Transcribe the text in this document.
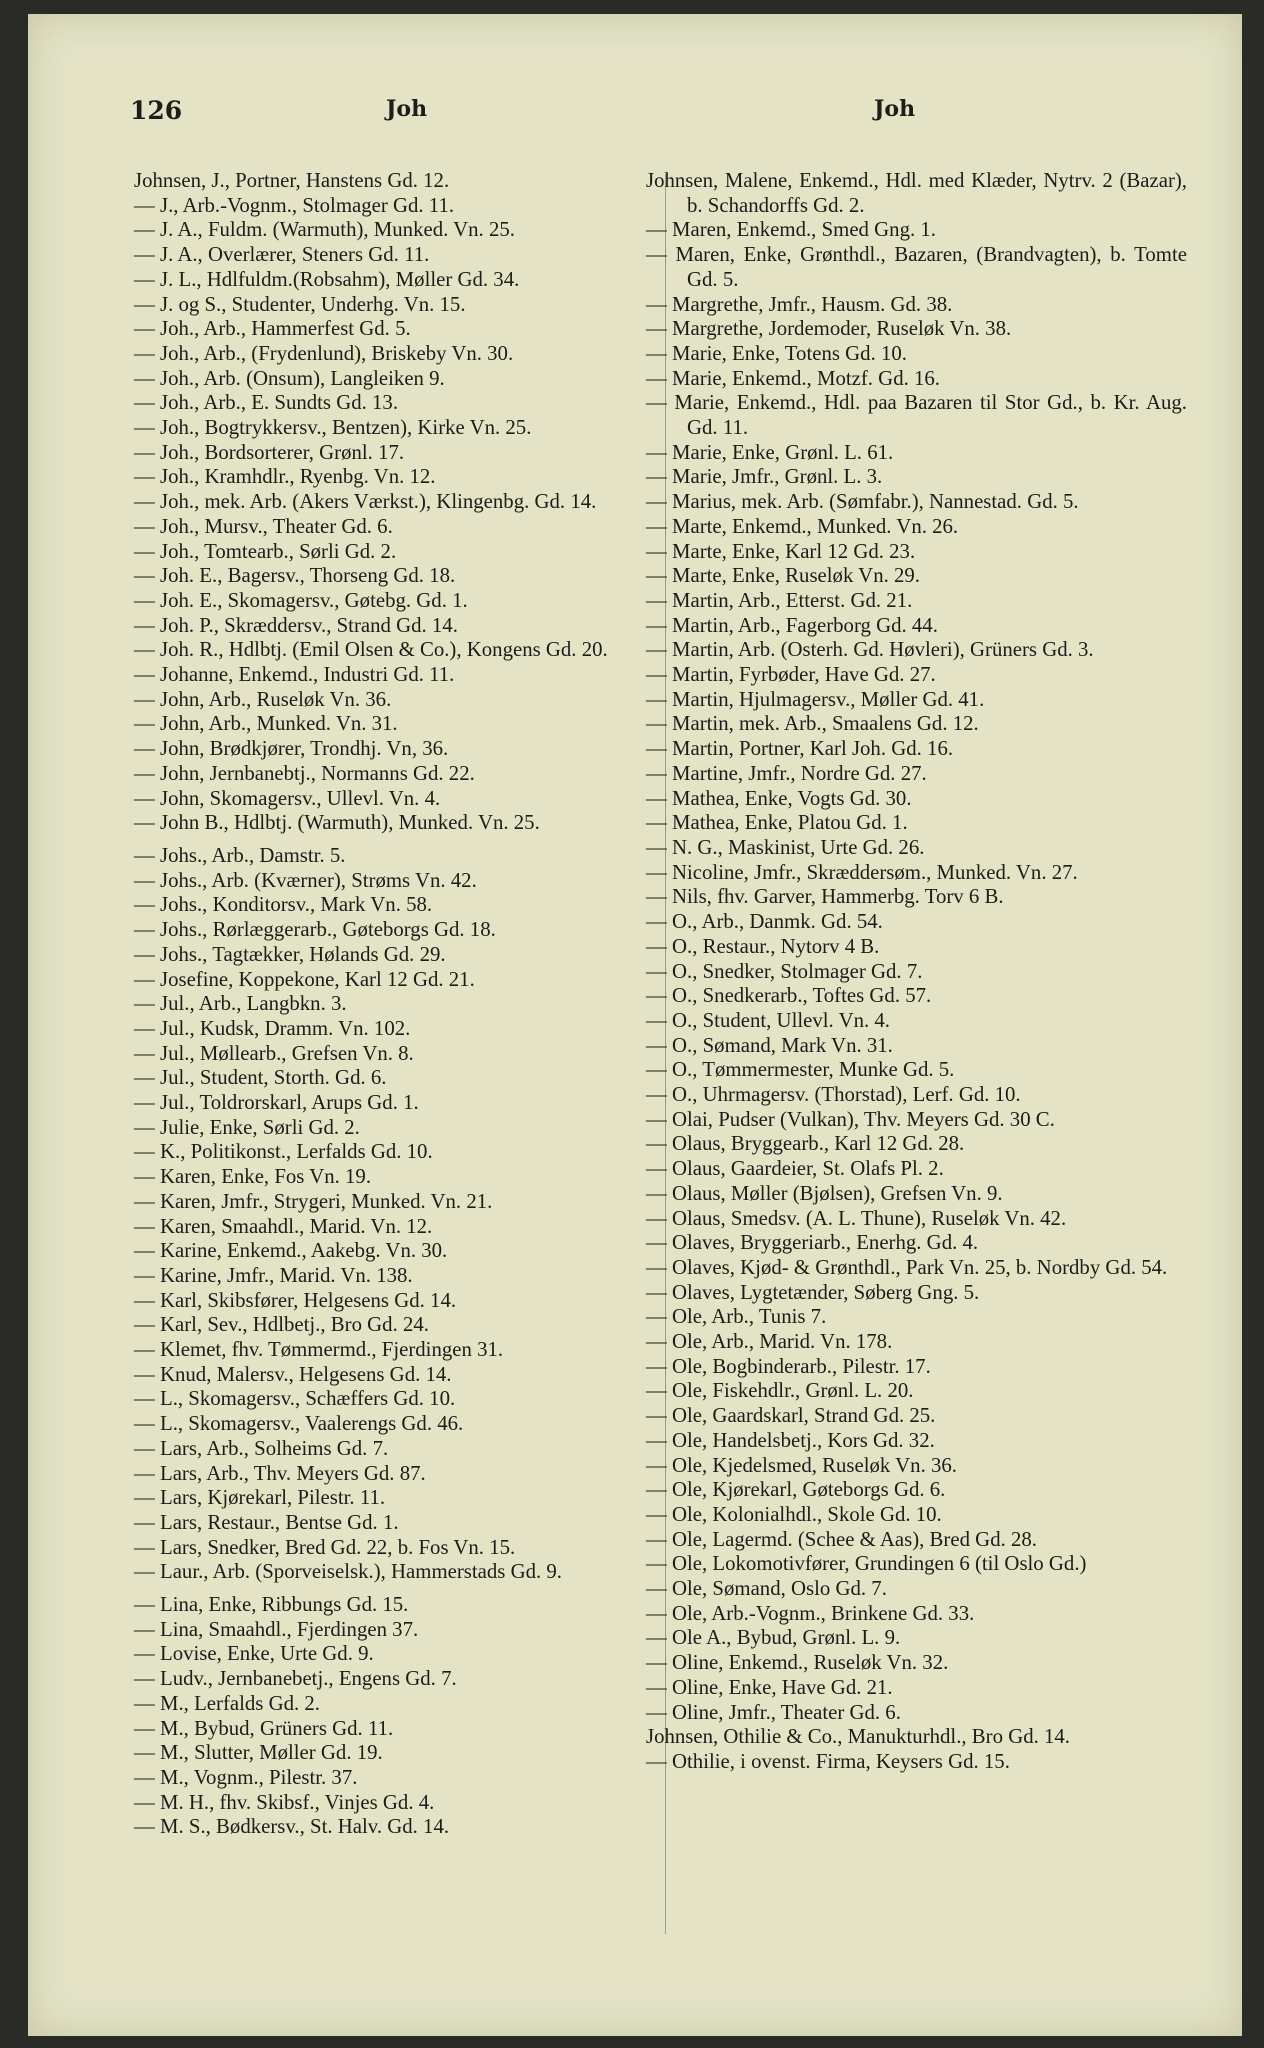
126	Joh	Joh
Johnsen, J., Portner, Hanstens Gd. 12.
— J., Arb.-Vognm., Stolmager Gd. 11.
— J. A., Fuldm. (Warmuth), Munked. Vn. 25.
— J. A., Overlærer, Steners Gd. 11.
— J. L., Hdlfuldm.(Robsahm), Møller Gd. 34.
— J. og S., Studenter, Underhg. Vn. 15.
— Joh., Arb., Hammerfest Gd. 5.
— Joh., Arb., (Frydenlund), Briskeby Vn. 30.
— Joh., Arb. (Onsum), Langleiken 9.
— Joh., Arb., E. Sundts Gd. 13.
— Joh., Bogtrykkersv., Bentzen), Kirke Vn. 25.
— Joh., Bordsorterer, Grønl. 17.
— Joh., Kramhdlr., Ryenbg. Vn. 12.
— Joh., mek. Arb. (Akers Værkst.), Klingenbg. Gd. 14.
— Joh., Mursv., Theater Gd. 6.
— Joh., Tomtearb., Sørli Gd. 2.
— Joh. E., Bagersv., Thorseng Gd. 18.
— Joh. E., Skomagersv., Gøtebg. Gd. 1.
— Joh. P., Skræddersv., Strand Gd. 14.
— Joh. R., Hdlbtj. (Emil Olsen & Co.), Kongens Gd. 20.
— Johanne, Enkemd., Industri Gd. 11.
— John, Arb., Ruseløk Vn. 36.
— John, Arb., Munked. Vn. 31.
— John, Brødkjører, Trondhj. Vn, 36.
— John, Jernbanebtj., Normanns Gd. 22.
— John, Skomagersv., Ullevl. Vn. 4.
— John B., Hdlbtj. (Warmuth), Munked. Vn. 25.
— Johs., Arb., Damstr. 5.
— Johs., Arb. (Kværner), Strøms Vn. 42.
— Johs., Konditorsv., Mark Vn. 58.
— Johs., Rørlæggerarb., Gøteborgs Gd. 18.
— Johs., Tagtækker, Hølands Gd. 29.
— Josefine, Koppekone, Karl 12 Gd. 21.
— Jul., Arb., Langbkn. 3.
— Jul., Kudsk, Dramm. Vn. 102.
— Jul., Møllearb., Grefsen Vn. 8.
— Jul., Student, Storth. Gd. 6.
— Jul., Toldrorskarl, Arups Gd. 1.
— Julie, Enke, Sørli Gd. 2.
— K., Politikonst., Lerfalds Gd. 10.
— Karen, Enke, Fos Vn. 19.
— Karen, Jmfr., Strygeri, Munked. Vn. 21.
— Karen, Smaahdl., Marid. Vn. 12.
— Karine, Enkemd., Aakebg. Vn. 30.
— Karine, Jmfr., Marid. Vn. 138.
— Karl, Skibsfører, Helgesens Gd. 14.
— Karl, Sev., Hdlbetj., Bro Gd. 24.
— Klemet, fhv. Tømmermd., Fjerdingen 31.
— Knud, Malersv., Helgesens Gd. 14.
— L., Skomagersv., Schæffers Gd. 10.
— L., Skomagersv., Vaalerengs Gd. 46.
— Lars, Arb., Solheims Gd. 7.
— Lars, Arb., Thv. Meyers Gd. 87.
— Lars, Kjørekarl, Pilestr. 11.
— Lars, Restaur., Bentse Gd. 1.
— Lars, Snedker, Bred Gd. 22, b. Fos Vn. 15.
— Laur., Arb. (Sporveiselsk.), Hammerstads Gd. 9.
— Lina, Enke, Ribbungs Gd. 15.
— Lina, Smaahdl., Fjerdingen 37.
— Lovise, Enke, Urte Gd. 9.
— Ludv., Jernbanebetj., Engens Gd. 7.
— M., Lerfalds Gd. 2.
— M., Bybud, Grüners Gd. 11.
— M., Slutter, Møller Gd. 19.
— M., Vognm., Pilestr. 37.
— M. H., fhv. Skibsf., Vinjes Gd. 4.
— M. S., Bødkersv., St. Halv. Gd. 14.
Johnsen, Malene, Enkemd., Hdl. med Klæder, Nytrv. 2 (Bazar), b. Schandorffs Gd. 2.
— Maren, Enkemd., Smed Gng. 1.
— Maren, Enke, Grønthdl., Bazaren, (Brandvagten), b. Tomte Gd. 5.
— Margrethe, Jmfr., Hausm. Gd. 38.
— Margrethe, Jordemoder, Ruseløk Vn. 38.
— Marie, Enke, Totens Gd. 10.
— Marie, Enkemd., Motzf. Gd. 16.
— Marie, Enkemd., Hdl. paa Bazaren til Stor Gd., b. Kr. Aug. Gd. 11.
— Marie, Enke, Grønl. L. 61.
— Marie, Jmfr., Grønl. L. 3.
— Marius, mek. Arb. (Sømfabr.), Nannestad. Gd. 5.
— Marte, Enkemd., Munked. Vn. 26.
— Marte, Enke, Karl 12 Gd. 23.
— Marte, Enke, Ruseløk Vn. 29.
— Martin, Arb., Etterst. Gd. 21.
— Martin, Arb., Fagerborg Gd. 44.
— Martin, Arb. (Osterh. Gd. Høvleri), Grüners Gd. 3.
— Martin, Fyrbøder, Have Gd. 27.
— Martin, Hjulmagersv., Møller Gd. 41.
— Martin, mek. Arb., Smaalens Gd. 12.
— Martin, Portner, Karl Joh. Gd. 16.
— Martine, Jmfr., Nordre Gd. 27.
— Mathea, Enke, Vogts Gd. 30.
— Mathea, Enke, Platou Gd. 1.
— N. G., Maskinist, Urte Gd. 26.
— Nicoline, Jmfr., Skræddersøm., Munked. Vn. 27.
— Nils, fhv. Garver, Hammerbg. Torv 6 B.
— O., Arb., Danmk. Gd. 54.
— O., Restaur., Nytorv 4 B.
— O., Snedker, Stolmager Gd. 7.
— O., Snedkerarb., Toftes Gd. 57.
— O., Student, Ullevl. Vn. 4.
— O., Sømand, Mark Vn. 31.
— O., Tømmermester, Munke Gd. 5.
— O., Uhrmagersv. (Thorstad), Lerf. Gd. 10.
— Olai, Pudser (Vulkan), Thv. Meyers Gd. 30 C.
— Olaus, Bryggearb., Karl 12 Gd. 28.
— Olaus, Gaardeier, St. Olafs Pl. 2.
— Olaus, Møller (Bjølsen), Grefsen Vn. 9.
— Olaus, Smedsv. (A. L. Thune), Ruseløk Vn. 42.
— Olaves, Bryggeriarb., Enerhg. Gd. 4.
— Olaves, Kjød- & Grønthdl., Park Vn. 25, b. Nordby Gd. 54.
— Olaves, Lygtetænder, Søberg Gng. 5.
— Ole, Arb., Tunis 7.
— Ole, Arb., Marid. Vn. 178.
— Ole, Bogbinderarb., Pilestr. 17.
— Ole, Fiskehdlr., Grønl. L. 20.
— Ole, Gaardskarl, Strand Gd. 25.
— Ole, Handelsbetj., Kors Gd. 32.
— Ole, Kjedelsmed, Ruseløk Vn. 36.
— Ole, Kjørekarl, Gøteborgs Gd. 6.
— Ole, Kolonialhdl., Skole Gd. 10.
— Ole, Lagermd. (Schee & Aas), Bred Gd. 28.
— Ole, Lokomotivfører, Grundingen 6 (til Oslo Gd.)
— Ole, Sømand, Oslo Gd. 7.
— Ole, Arb.-Vognm., Brinkene Gd. 33.
— Ole A., Bybud, Grønl. L. 9.
— Oline, Enkemd., Ruseløk Vn. 32.
— Oline, Enke, Have Gd. 21.
— Oline, Jmfr., Theater Gd. 6.
Johnsen, Othilie & Co., Manukturhdl., Bro Gd. 14.
— Othilie, i ovenst. Firma, Keysers Gd. 15.
